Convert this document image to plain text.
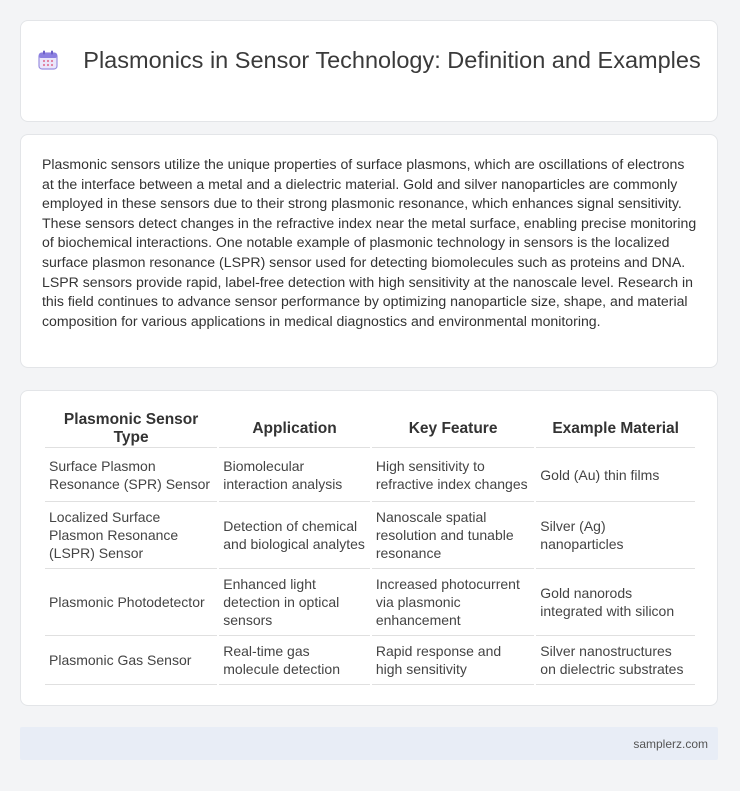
Plasmonics in Sensor Technology: Definition and Examples

Plasmonic sensors utilize the unique properties of surface plasmons, which are oscillations of electrons at the interface between a metal and a dielectric material. Gold and silver nanoparticles are commonly employed in these sensors due to their strong plasmonic resonance, which enhances signal sensitivity. These sensors detect changes in the refractive index near the metal surface, enabling precise monitoring of biochemical interactions. One notable example of plasmonic technology in sensors is the localized surface plasmon resonance (LSPR) sensor used for detecting biomolecules such as proteins and DNA. LSPR sensors provide rapid, label-free detection with high sensitivity at the nanoscale level. Research in this field continues to advance sensor performance by optimizing nanoparticle size, shape, and material composition for various applications in medical diagnostics and environmental monitoring.

Plasmonic Sensor Type	Application	Key Feature	Example Material
Surface Plasmon Resonance (SPR) Sensor	Biomolecular interaction analysis	High sensitivity to refractive index changes	Gold (Au) thin films
Localized Surface Plasmon Resonance (LSPR) Sensor	Detection of chemical and biological analytes	Nanoscale spatial resolution and tunable resonance	Silver (Ag) nanoparticles
Plasmonic Photodetector	Enhanced light detection in optical sensors	Increased photocurrent via plasmonic enhancement	Gold nanorods integrated with silicon
Plasmonic Gas Sensor	Real-time gas molecule detection	Rapid response and high sensitivity	Silver nanostructures on dielectric substrates
samplerz.com
